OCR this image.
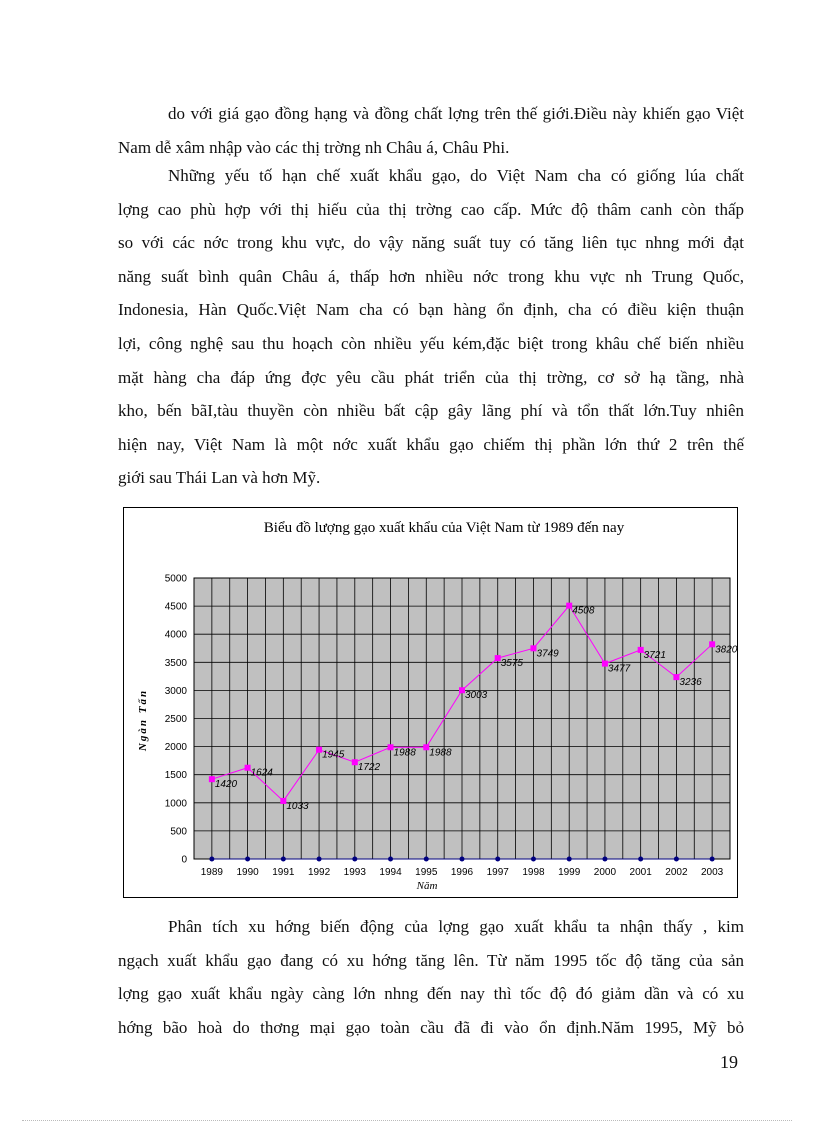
do với giá gạo đồng hạng và đồng chất lợng trên thế giới.Điều này khiến gạo Việt
Nam dễ xâm nhập vào các thị trờng nh Châu á, Châu Phi.
Những yếu tố hạn chế xuất khẩu gạo, do Việt Nam cha có giống lúa chất
lợng cao phù hợp với thị hiếu của thị trờng cao cấp. Mức độ thâm canh còn thấp
so với các nớc trong khu vực, do vậy năng suất tuy có tăng liên tục nhng mới đạt
năng suất bình quân Châu á, thấp hơn nhiều nớc trong khu vực nh Trung Quốc,
Indonesia, Hàn Quốc.Việt Nam cha có bạn hàng ổn định, cha có điều kiện thuận
lợi, công nghệ sau thu hoạch còn nhiều yếu kém,đặc biệt trong khâu chế biến nhiều
mặt hàng cha đáp ứng đợc yêu cầu phát triển của thị trờng, cơ sở hạ tầng, nhà
kho, bến bãI,tàu thuyền còn nhiều bất cập gây lãng phí và tổn thất lớn.Tuy nhiên
hiện nay, Việt Nam là một nớc xuất khẩu gạo chiếm thị phần lớn thứ 2 trên thế
giới sau Thái Lan và hơn Mỹ.
Biểu đồ lượng gạo xuất khẩu của Việt Nam từ 1989 đến nay
0
500
1000
1500
2000
2500
3000
3500
4000
4500
5000
1989 1990 1991 1992 1993 1994 1995 1996 1997 1998 1999 2000 2001 2002 2003
1420
1624
1033
1945
1722
1988 1988
3003
3575
3749
4508
3477
3721
3236
3820
Ngàn Tấn
Năm
Phân tích xu hớng biến động của lợng gạo xuất khẩu ta nhận thấy , kim
ngạch xuất khẩu gạo đang có xu hớng tăng lên. Từ năm 1995 tốc độ tăng của sản
lợng gạo xuất khẩu ngày càng lớn nhng đến nay thì tốc độ đó giảm dần và có xu
hớng bão hoà do thơng mại gạo toàn cầu đã đi vào ổn định.Năm 1995, Mỹ bỏ
19
